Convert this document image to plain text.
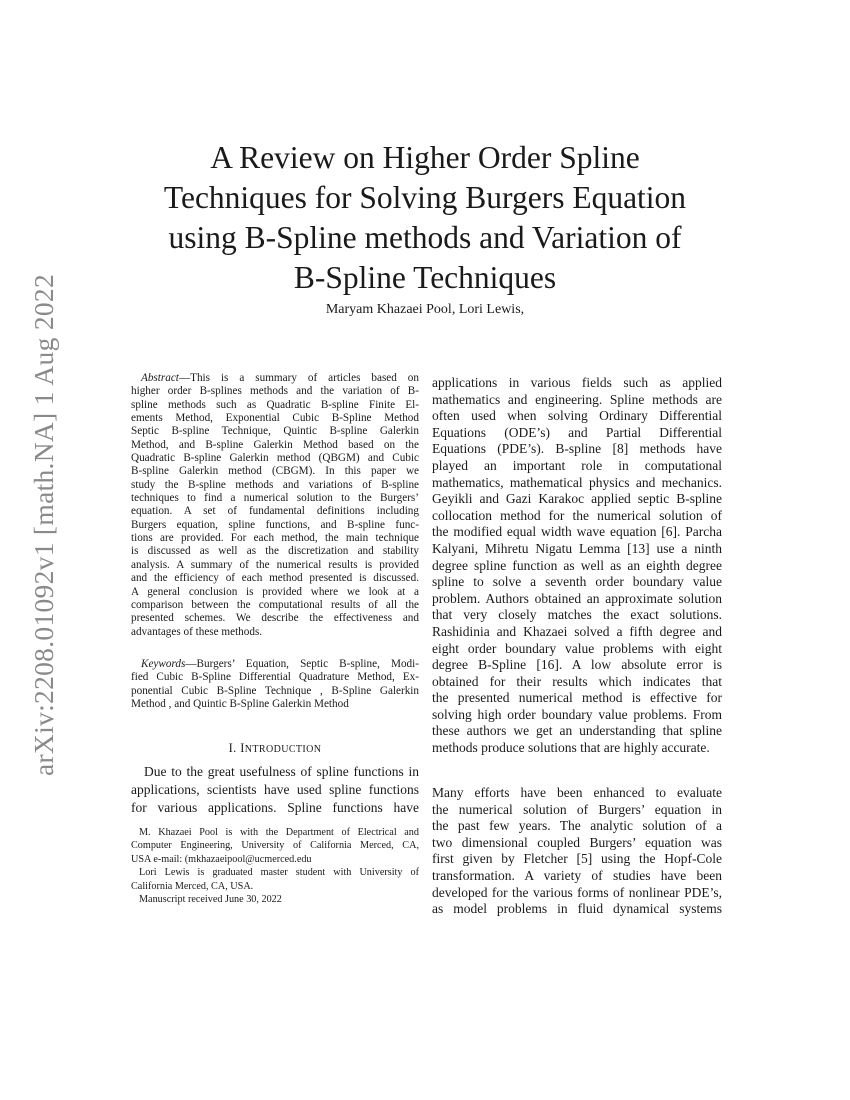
arXiv:2208.01092v1 [math.NA] 1 Aug 2022
A Review on Higher Order Spline
Techniques for Solving Burgers Equation
using B-Spline methods and Variation of
B-Spline Techniques
Maryam Khazaei Pool, Lori Lewis,
Abstract—This is a summary of articles based on
higher order B-splines methods and the variation of B-
spline methods such as Quadratic B-spline Finite El-
ements Method, Exponential Cubic B-Spline Method
Septic B-spline Technique, Quintic B-spline Galerkin
Method, and B-spline Galerkin Method based on the
Quadratic B-spline Galerkin method (QBGM) and Cubic
B-spline Galerkin method (CBGM). In this paper we
study the B-spline methods and variations of B-spline
techniques to find a numerical solution to the Burgers’
equation. A set of fundamental definitions including
Burgers equation, spline functions, and B-spline func-
tions are provided. For each method, the main technique
is discussed as well as the discretization and stability
analysis. A summary of the numerical results is provided
and the efficiency of each method presented is discussed.
A general conclusion is provided where we look at a
comparison between the computational results of all the
presented schemes. We describe the effectiveness and
advantages of these methods.
Keywords—Burgers’ Equation, Septic B-spline, Modi-
fied Cubic B-Spline Differential Quadrature Method, Ex-
ponential Cubic B-Spline Technique , B-Spline Galerkin
Method , and Quintic B-Spline Galerkin Method
I. INTRODUCTION
Due to the great usefulness of spline functions in
applications, scientists have used spline functions
for various applications. Spline functions have
M. Khazaei Pool is with the Department of Electrical and
Computer Engineering, University of California Merced, CA,
USA e-mail: (mkhazaeipool@ucmerced.edu
Lori Lewis is graduated master student with University of
California Merced, CA, USA.
Manuscript received June 30, 2022
applications in various fields such as applied
mathematics and engineering. Spline methods are
often used when solving Ordinary Differential
Equations (ODE’s) and Partial Differential
Equations (PDE’s). B-spline [8] methods have
played an important role in computational
mathematics, mathematical physics and mechanics.
Geyikli and Gazi Karakoc applied septic B-spline
collocation method for the numerical solution of
the modified equal width wave equation [6]. Parcha
Kalyani, Mihretu Nigatu Lemma [13] use a ninth
degree spline function as well as an eighth degree
spline to solve a seventh order boundary value
problem. Authors obtained an approximate solution
that very closely matches the exact solutions.
Rashidinia and Khazaei solved a fifth degree and
eight order boundary value problems with eight
degree B-Spline [16]. A low absolute error is
obtained for their results which indicates that
the presented numerical method is effective for
solving high order boundary value problems. From
these authors we get an understanding that spline
methods produce solutions that are highly accurate.
Many efforts have been enhanced to evaluate
the numerical solution of Burgers’ equation in
the past few years. The analytic solution of a
two dimensional coupled Burgers’ equation was
first given by Fletcher [5] using the Hopf-Cole
transformation. A variety of studies have been
developed for the various forms of nonlinear PDE’s,
as model problems in fluid dynamical systems
